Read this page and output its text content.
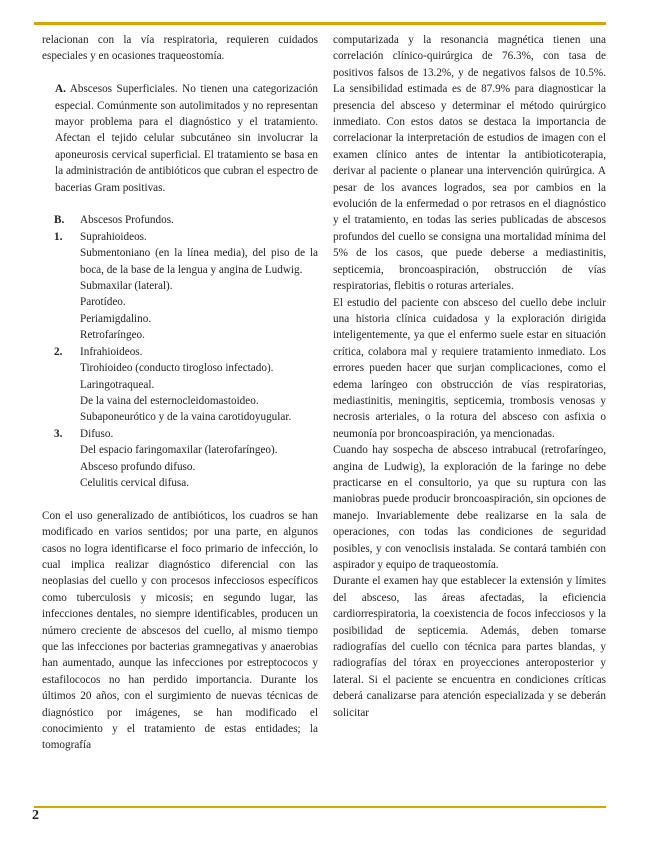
relacionan con la vía respiratoria, requieren cuidados especiales y en ocasiones traqueostomía.

A. Abscesos Superficiales. No tienen una categorización especial. Comúnmente son autolimitados y no representan mayor problema para el diagnóstico y el tratamiento. Afectan el tejido celular subcutáneo sin involucrar la aponeurosis cervical superficial. El tratamiento se basa en la administración de antibióticos que cubran el espectro de bacerias Gram positivas.

B.	Abscesos Profundos.
1.	Suprahioideos.
Submentoniano (en la línea media), del piso de la boca, de la base de la lengua y angina de Ludwig.
Submaxilar (lateral).
Parotídeo.
Periamigdalino.
Retrofaríngeo.
2.	Infrahioideos.
Tirohioideo (conducto tirogloso infectado).
Laringotraqueal.
De la vaina del esternocleidomastoideo.
Subaponeurótico y de la vaina carotidoyugular.
3.	Difuso.
Del espacio faringomaxilar (laterofaríngeo).
Absceso profundo difuso.
Celulitis cervical difusa.

Con el uso generalizado de antibióticos, los cuadros se han modificado en varios sentidos; por una parte, en algunos casos no logra identificarse el foco primario de infección, lo cual implica realizar diagnóstico diferencial con las neoplasias del cuello y con procesos infecciosos específicos como tuberculosis y micosis; en segundo lugar, las infecciones dentales, no siempre identificables, producen un número creciente de abscesos del cuello, al mismo tiempo que las infecciones por bacterias gramnegativas y anaerobias han aumentado, aunque las infecciones por estreptococos y estafilococos no han perdido importancia. Durante los últimos 20 años, con el surgimiento de nuevas técnicas de diagnóstico por imágenes, se han modificado el conocimiento y el tratamiento de estas entidades; la tomografía

computarizada y la resonancia magnética tienen una correlación clínico-quirúrgica de 76.3%, con tasa de positivos falsos de 13.2%, y de negativos falsos de 10.5%. La sensibilidad estimada es de 87.9% para diagnosticar la presencia del absceso y determinar el método quirúrgico inmediato. Con estos datos se destaca la importancia de correlacionar la interpretación de estudios de imagen con el examen clínico antes de intentar la antibioticoterapia, derivar al paciente o planear una intervención quirúrgica. A pesar de los avances logrados, sea por cambios en la evolución de la enfermedad o por retrasos en el diagnóstico y el tratamiento, en todas las series publicadas de abscesos profundos del cuello se consigna una mortalidad mínima del 5% de los casos, que puede deberse a mediastinitis, septicemia, broncoaspiración, obstrucción de vías respiratorias, flebitis o roturas arteriales.

El estudio del paciente con absceso del cuello debe incluir una historia clínica cuidadosa y la exploración dirigida inteligentemente, ya que el enfermo suele estar en situación crítica, colabora mal y requiere tratamiento inmediato. Los errores pueden hacer que surjan complicaciones, como el edema laríngeo con obstrucción de vías respiratorias, mediastinitis, meningitis, septicemia, trombosis venosas y necrosis arteriales, o la rotura del absceso con asfixia o neumonía por broncoaspiración, ya mencionadas.

Cuando hay sospecha de absceso intrabucal (retrofaríngeo, angina de Ludwig), la exploración de la faringe no debe practicarse en el consultorio, ya que su ruptura con las maniobras puede producir broncoaspiración, sin opciones de manejo. Invariablemente debe realizarse en la sala de operaciones, con todas las condiciones de seguridad posibles, y con venoclisis instalada. Se contará también con aspirador y equipo de traqueostomía.

Durante el examen hay que establecer la extensión y límites del absceso, las áreas afectadas, la eficiencia cardiorrespiratoria, la coexistencia de focos infecciosos y la posibilidad de septicemia. Además, deben tomarse radiografías del cuello con técnica para partes blandas, y radiografías del tórax en proyecciones anteroposterior y lateral. Si el paciente se encuentra en condiciones críticas deberá canalizarse para atención especializada y se deberán solicitar

2
